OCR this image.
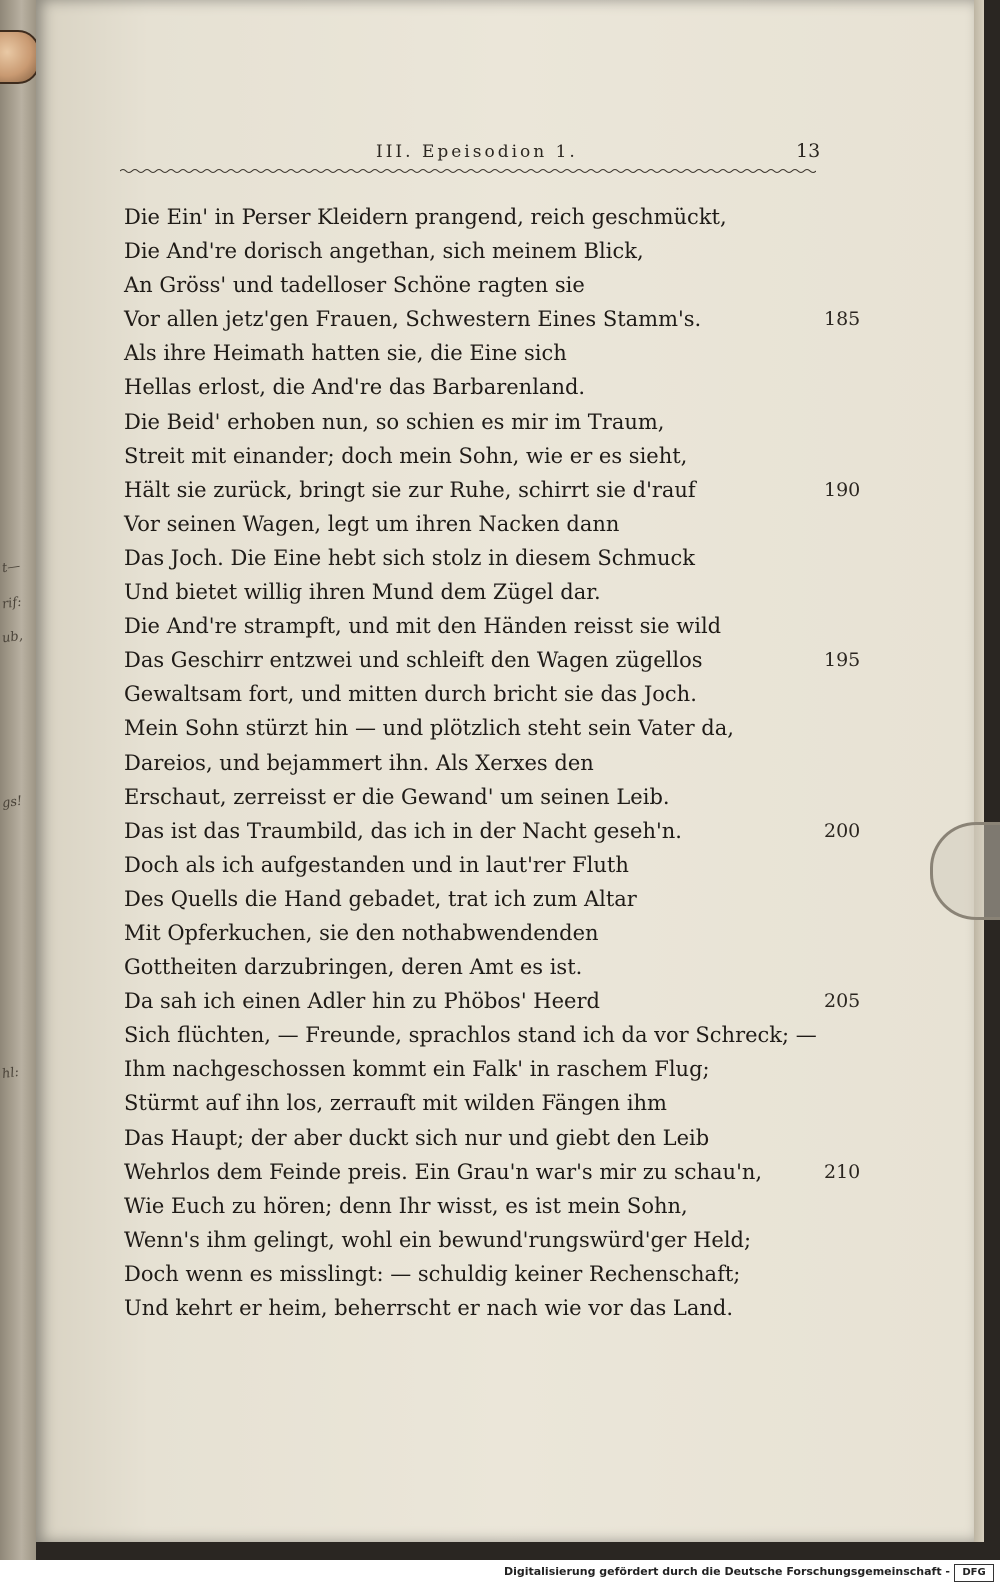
t—
rif:
ub,
gs!
hl:
III. Epeisodion 1.	13
Die Ein' in Perser Kleidern prangend, reich geschmückt,
Die And're dorisch angethan, sich meinem Blick,
An Gröss' und tadelloser Schöne ragten sie
Vor allen jetz'gen Frauen, Schwestern Eines Stamm's.	185
Als ihre Heimath hatten sie, die Eine sich
Hellas erlost, die And're das Barbarenland.
Die Beid' erhoben nun, so schien es mir im Traum,
Streit mit einander; doch mein Sohn, wie er es sieht,
Hält sie zurück, bringt sie zur Ruhe, schirrt sie d'rauf	190
Vor seinen Wagen, legt um ihren Nacken dann
Das Joch. Die Eine hebt sich stolz in diesem Schmuck
Und bietet willig ihren Mund dem Zügel dar.
Die And're strampft, und mit den Händen reisst sie wild
Das Geschirr entzwei und schleift den Wagen zügellos	195
Gewaltsam fort, und mitten durch bricht sie das Joch.
Mein Sohn stürzt hin — und plötzlich steht sein Vater da,
Dareios, und bejammert ihn. Als Xerxes den
Erschaut, zerreisst er die Gewand' um seinen Leib.
Das ist das Traumbild, das ich in der Nacht geseh'n.	200
Doch als ich aufgestanden und in laut'rer Fluth
Des Quells die Hand gebadet, trat ich zum Altar
Mit Opferkuchen, sie den nothabwendenden
Gottheiten darzubringen, deren Amt es ist.
Da sah ich einen Adler hin zu Phöbos' Heerd	205
Sich flüchten, — Freunde, sprachlos stand ich da vor Schreck; —
Ihm nachgeschossen kommt ein Falk' in raschem Flug;
Stürmt auf ihn los, zerrauft mit wilden Fängen ihm
Das Haupt; der aber duckt sich nur und giebt den Leib
Wehrlos dem Feinde preis. Ein Grau'n war's mir zu schau'n,	210
Wie Euch zu hören; denn Ihr wisst, es ist mein Sohn,
Wenn's ihm gelingt, wohl ein bewund'rungswürd'ger Held;
Doch wenn es misslingt: — schuldig keiner Rechenschaft;
Und kehrt er heim, beherrscht er nach wie vor das Land.
Digitalisierung gefördert durch die Deutsche Forschungsgemeinschaft -	DFG
